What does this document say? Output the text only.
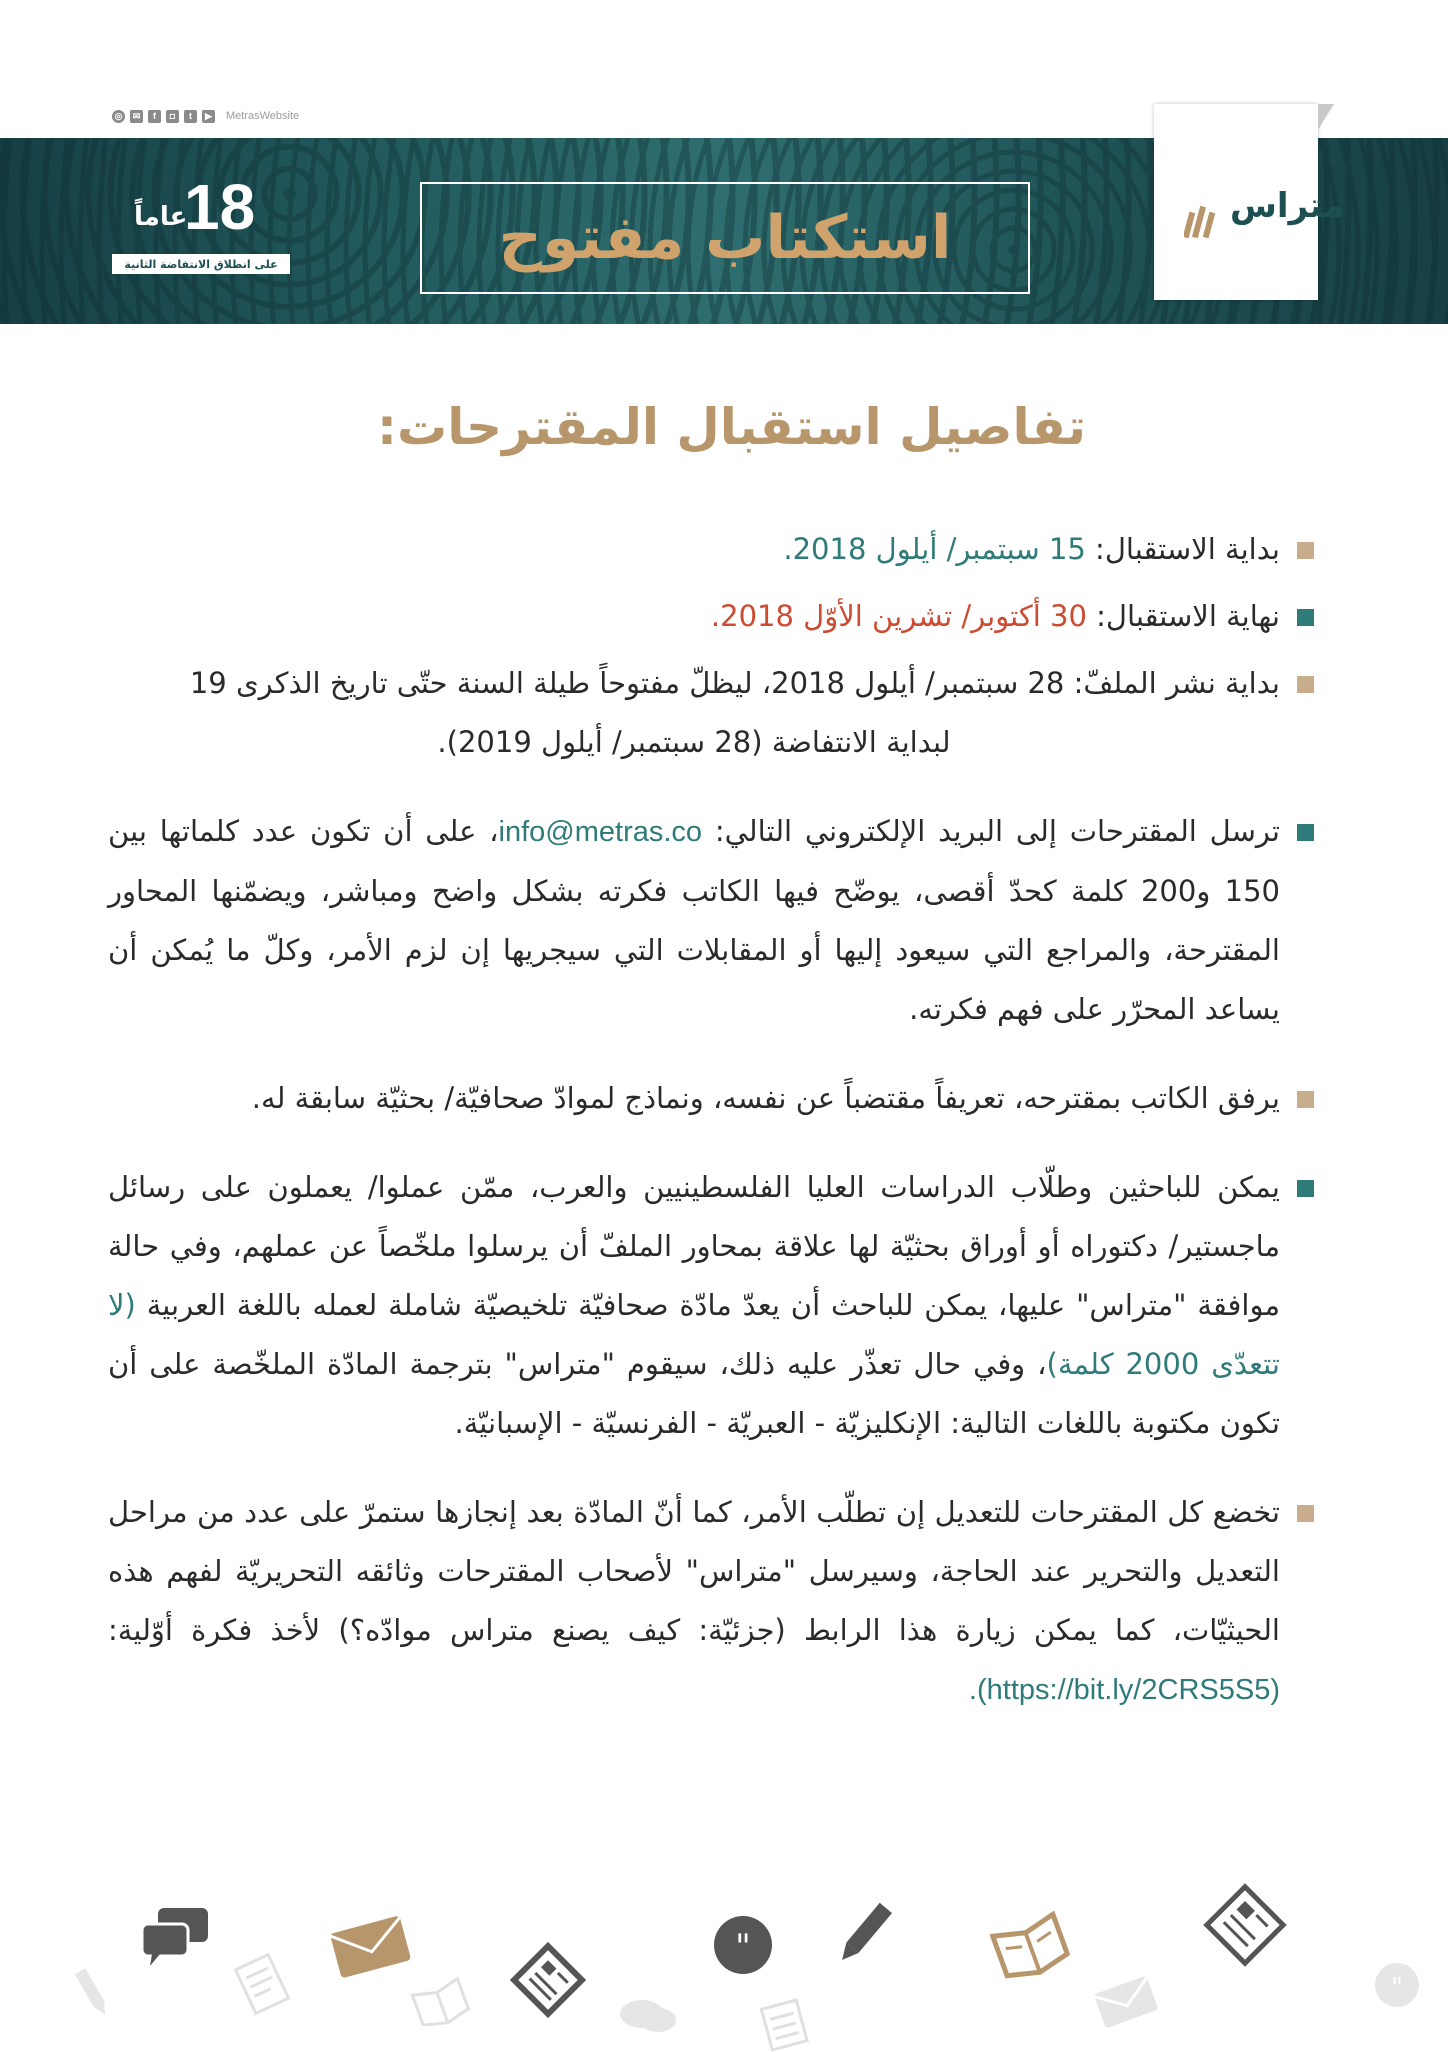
◎	✉	f	◘	t	▶ MetrasWebsite
استكتاب مفتوح
18
عاماً
على انطلاق الانتفاضة الثانية
متراس
تفاصيل استقبال المقترحات:
بداية الاستقبال: 15 سبتمبر/ أيلول 2018.
نهاية الاستقبال: 30 أكتوبر/ تشرين الأوّل 2018.
بداية نشر الملفّ: 28 سبتمبر/ أيلول 2018، ليظلّ مفتوحاً طيلة السنة حتّى تاريخ الذكرى 19
لبداية الانتفاضة (28 سبتمبر/ أيلول 2019).
ترسل المقترحات إلى البريد الإلكتروني التالي: info@metras.co، على أن تكون عدد كلماتها بين 150 و200 كلمة كحدّ أقصى، يوضّح فيها الكاتب فكرته بشكل واضح ومباشر، ويضمّنها المحاور المقترحة، والمراجع التي سيعود إليها أو المقابلات التي سيجريها إن لزم الأمر، وكلّ ما يُمكن أن يساعد المحرّر على فهم فكرته.
يرفق الكاتب بمقترحه، تعريفاً مقتضباً عن نفسه، ونماذج لموادّ صحافيّة/ بحثيّة سابقة له.
يمكن للباحثين وطلّاب الدراسات العليا الفلسطينيين والعرب، ممّن عملوا/ يعملون على رسائل ماجستير/ دكتوراه أو أوراق بحثيّة لها علاقة بمحاور الملفّ أن يرسلوا ملخّصاً عن عملهم، وفي حالة موافقة "متراس" عليها، يمكن للباحث أن يعدّ مادّة صحافيّة تلخيصيّة شاملة لعمله باللغة العربية (لا تتعدّى 2000 كلمة)، وفي حال تعذّر عليه ذلك، سيقوم "متراس" بترجمة المادّة الملخّصة على أن تكون مكتوبة باللغات التالية: الإنكليزيّة - العبريّة - الفرنسيّة - الإسبانيّة.
تخضع كل المقترحات للتعديل إن تطلّب الأمر، كما أنّ المادّة بعد إنجازها ستمرّ على عدد من مراحل التعديل والتحرير عند الحاجة، وسيرسل "متراس" لأصحاب المقترحات وثائقه التحريريّة لفهم هذه الحيثيّات، كما يمكن زيارة هذا الرابط (جزئيّة: كيف يصنع متراس موادّه؟) لأخذ فكرة أوّلية: (https://bit.ly/2CRS5S5).
"
"
